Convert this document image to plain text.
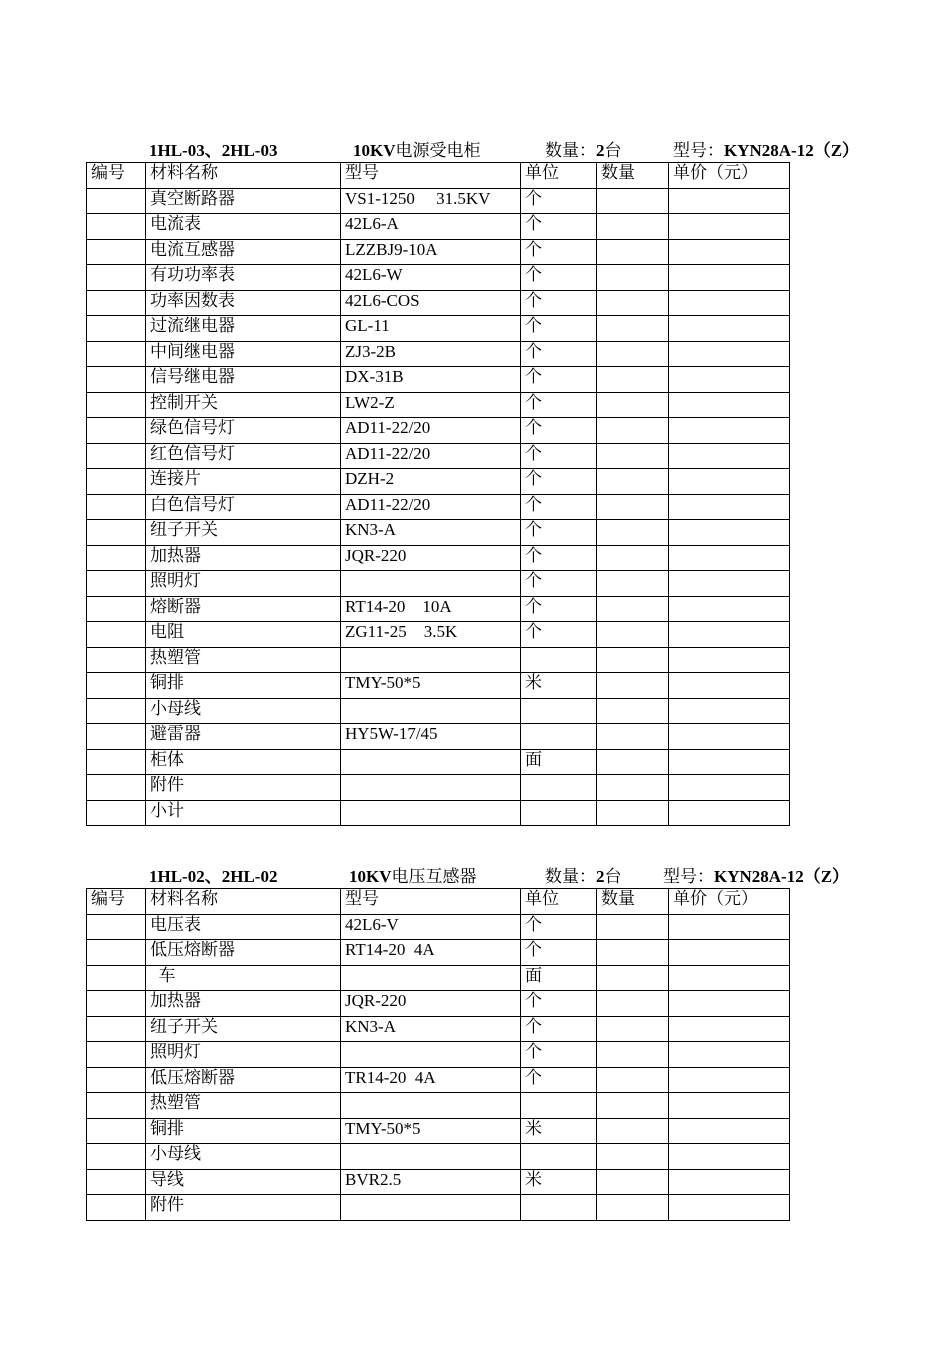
1HL-03、2HL-03	10KV电源受电柜	数量：2台	型号：KYN28A-12（Z）
编号	材料名称	型号	单位	数量	单价（元）
	真空断路器	VS1-1250     31.5KV	个		
	电流表	42L6-A	个		
	电流互感器	LZZBJ9-10A	个		
	有功功率表	42L6-W	个		
	功率因数表	42L6-COS	个		
	过流继电器	GL-11	个		
	中间继电器	ZJ3-2B	个		
	信号继电器	DX-31B	个		
	控制开关	LW2-Z	个		
	绿色信号灯	AD11-22/20	个		
	红色信号灯	AD11-22/20	个		
	连接片	DZH-2	个		
	白色信号灯	AD11-22/20	个		
	纽子开关	KN3-A	个		
	加热器	JQR-220	个		
	照明灯		个		
	熔断器	RT14-20    10A	个		
	电阻	ZG11-25    3.5K	个		
	热塑管				
	铜排	TMY-50*5	米		
	小母线				
	避雷器	HY5W-17/45			
	柜体		面		
	附件				
	小计				
1HL-02、2HL-02	10KV电压互感器	数量：2台 型号：KYN28A-12（Z）
编号	材料名称	型号	单位	数量	单价（元）
	电压表	42L6-V	个		
	低压熔断器	RT14-20  4A	个		
	车		面		
	加热器	JQR-220	个		
	纽子开关	KN3-A	个		
	照明灯		个		
	低压熔断器	TR14-20  4A	个		
	热塑管				
	铜排	TMY-50*5	米		
	小母线				
	导线	BVR2.5	米		
	附件				
